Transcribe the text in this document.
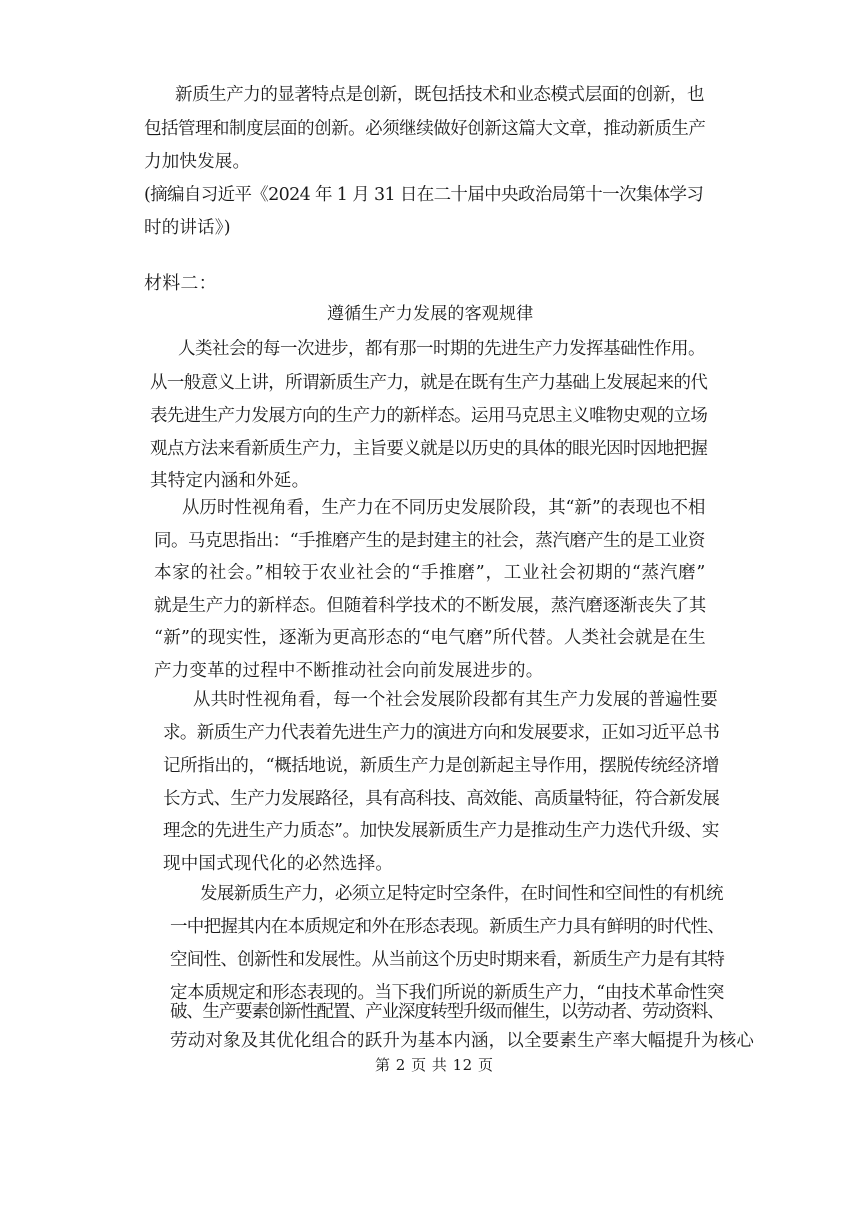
新质生产力的显著特点是创新，既包括技术和业态模式层面的创新，也
包括管理和制度层面的创新。必须继续做好创新这篇大文章，推动新质生产
力加快发展。
(摘编自习近平《2024 年 1 月 31 日在二十届中央政治局第十一次集体学习
时的讲话》)
材料二：
遵循生产力发展的客观规律
人类社会的每一次进步，都有那一时期的先进生产力发挥基础性作用。
从一般意义上讲，所谓新质生产力，就是在既有生产力基础上发展起来的代
表先进生产力发展方向的生产力的新样态。运用马克思主义唯物史观的立场
观点方法来看新质生产力，主旨要义就是以历史的具体的眼光因时因地把握
其特定内涵和外延。
从历时性视角看，生产力在不同历史发展阶段，其“新”的表现也不相
同。马克思指出：“手推磨产生的是封建主的社会，蒸汽磨产生的是工业资
本家的社会。”相较于农业社会的“手推磨”，工业社会初期的“蒸汽磨”
就是生产力的新样态。但随着科学技术的不断发展，蒸汽磨逐渐丧失了其
“新”的现实性，逐渐为更高形态的“电气磨”所代替。人类社会就是在生
产力变革的过程中不断推动社会向前发展进步的。
从共时性视角看，每一个社会发展阶段都有其生产力发展的普遍性要
求。新质生产力代表着先进生产力的演进方向和发展要求，正如习近平总书
记所指出的，“概括地说，新质生产力是创新起主导作用，摆脱传统经济增
长方式、生产力发展路径，具有高科技、高效能、高质量特征，符合新发展
理念的先进生产力质态”。加快发展新质生产力是推动生产力迭代升级、实
现中国式现代化的必然选择。
发展新质生产力，必须立足特定时空条件，在时间性和空间性的有机统
一中把握其内在本质规定和外在形态表现。新质生产力具有鲜明的时代性、
空间性、创新性和发展性。从当前这个历史时期来看，新质生产力是有其特
定本质规定和形态表现的。当下我们所说的新质生产力，“由技术革命性突
破、生产要素创新性配置、产业深度转型升级而催生，以劳动者、劳动资料、
劳动对象及其优化组合的跃升为基本内涵，以全要素生产率大幅提升为核心
第 2 页 共 12 页
